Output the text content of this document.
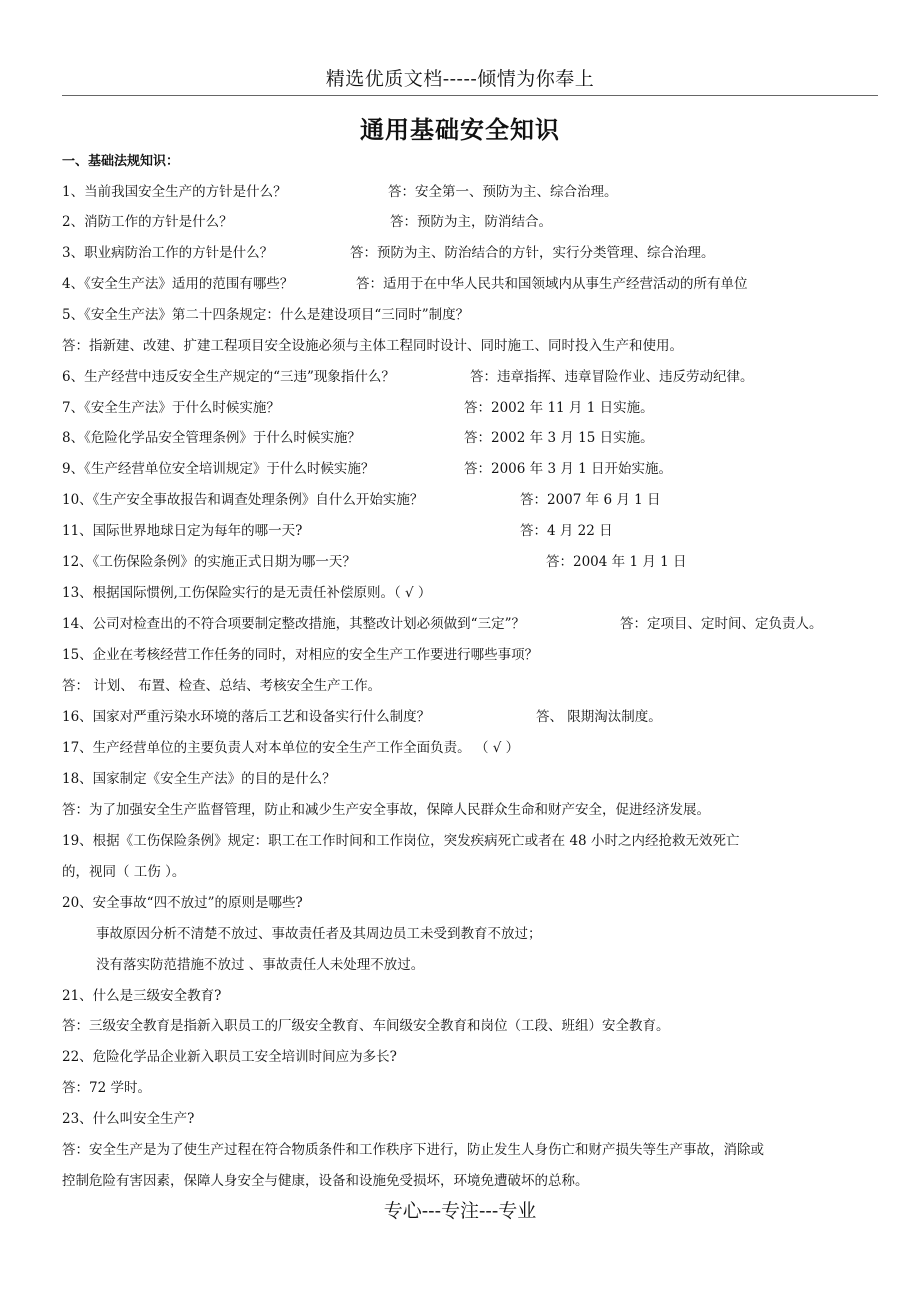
精选优质文档-----倾情为你奉上
通用基础安全知识
一、基础法规知识：
1、当前我国安全生产的方针是什么？	答：安全第一、预防为主、综合治理。
2、消防工作的方针是什么？	答：预防为主，防消结合。
3、职业病防治工作的方针是什么？	答：预防为主、防治结合的方针，实行分类管理、综合治理。
4、《安全生产法》适用的范围有哪些？	答：适用于在中华人民共和国领域内从事生产经营活动的所有单位
5、《安全生产法》第二十四条规定：什么是建设项目“三同时”制度？
答：指新建、改建、扩建工程项目安全设施必须与主体工程同时设计、同时施工、同时投入生产和使用。
6、生产经营中违反安全生产规定的“三违”现象指什么？	答：违章指挥、违章冒险作业、违反劳动纪律。
7、《安全生产法》于什么时候实施？	答：2002 年 11 月 1 日实施。
8、《危险化学品安全管理条例》于什么时候实施？	答：2002 年 3 月 15 日实施。
9、《生产经营单位安全培训规定》于什么时候实施？	答：2006 年 3 月 1 日开始实施。
10、《生产安全事故报告和调查处理条例》自什么开始实施？	答：2007 年 6 月 1 日
11、国际世界地球日定为每年的哪一天?	答：4 月 22 日
12、《工伤保险条例》的实施正式日期为哪一天？	答：2004 年 1 月 1 日
13、根据国际惯例,工伤保险实行的是无责任补偿原则。（ √ ）
14、公司对检查出的不符合项要制定整改措施，其整改计划必须做到“三定”？	答：定项目、定时间、定负责人。
15、企业在考核经营工作任务的同时，对相应的安全生产工作要进行哪些事项？
答： 计划、 布置、检查、总结、考核安全生产工作。
16、国家对严重污染水环境的落后工艺和设备实行什么制度？	答、 限期淘汰制度。
17、生产经营单位的主要负责人对本单位的安全生产工作全面负责。 （ √ ）
18、国家制定《安全生产法》的目的是什么？
答：为了加强安全生产监督管理，防止和减少生产安全事故，保障人民群众生命和财产安全，促进经济发展。
19、根据《工伤保险条例》规定：职工在工作时间和工作岗位，突发疾病死亡或者在 48 小时之内经抢救无效死亡
的，视同（ 工伤 ）。
20、安全事故“四不放过”的原则是哪些?
事故原因分析不清楚不放过、事故责任者及其周边员工未受到教育不放过；
没有落实防范措施不放过 、事故责任人未处理不放过。
21、什么是三级安全教育?
答：三级安全教育是指新入职员工的厂级安全教育、车间级安全教育和岗位（工段、班组）安全教育。
22、危险化学品企业新入职员工安全培训时间应为多长?
答：72 学时。
23、什么叫安全生产?
答：安全生产是为了使生产过程在符合物质条件和工作秩序下进行，防止发生人身伤亡和财产损失等生产事故，消除或
控制危险有害因素，保障人身安全与健康，设备和设施免受损坏，环境免遭破坏的总称。
专心---专注---专业
